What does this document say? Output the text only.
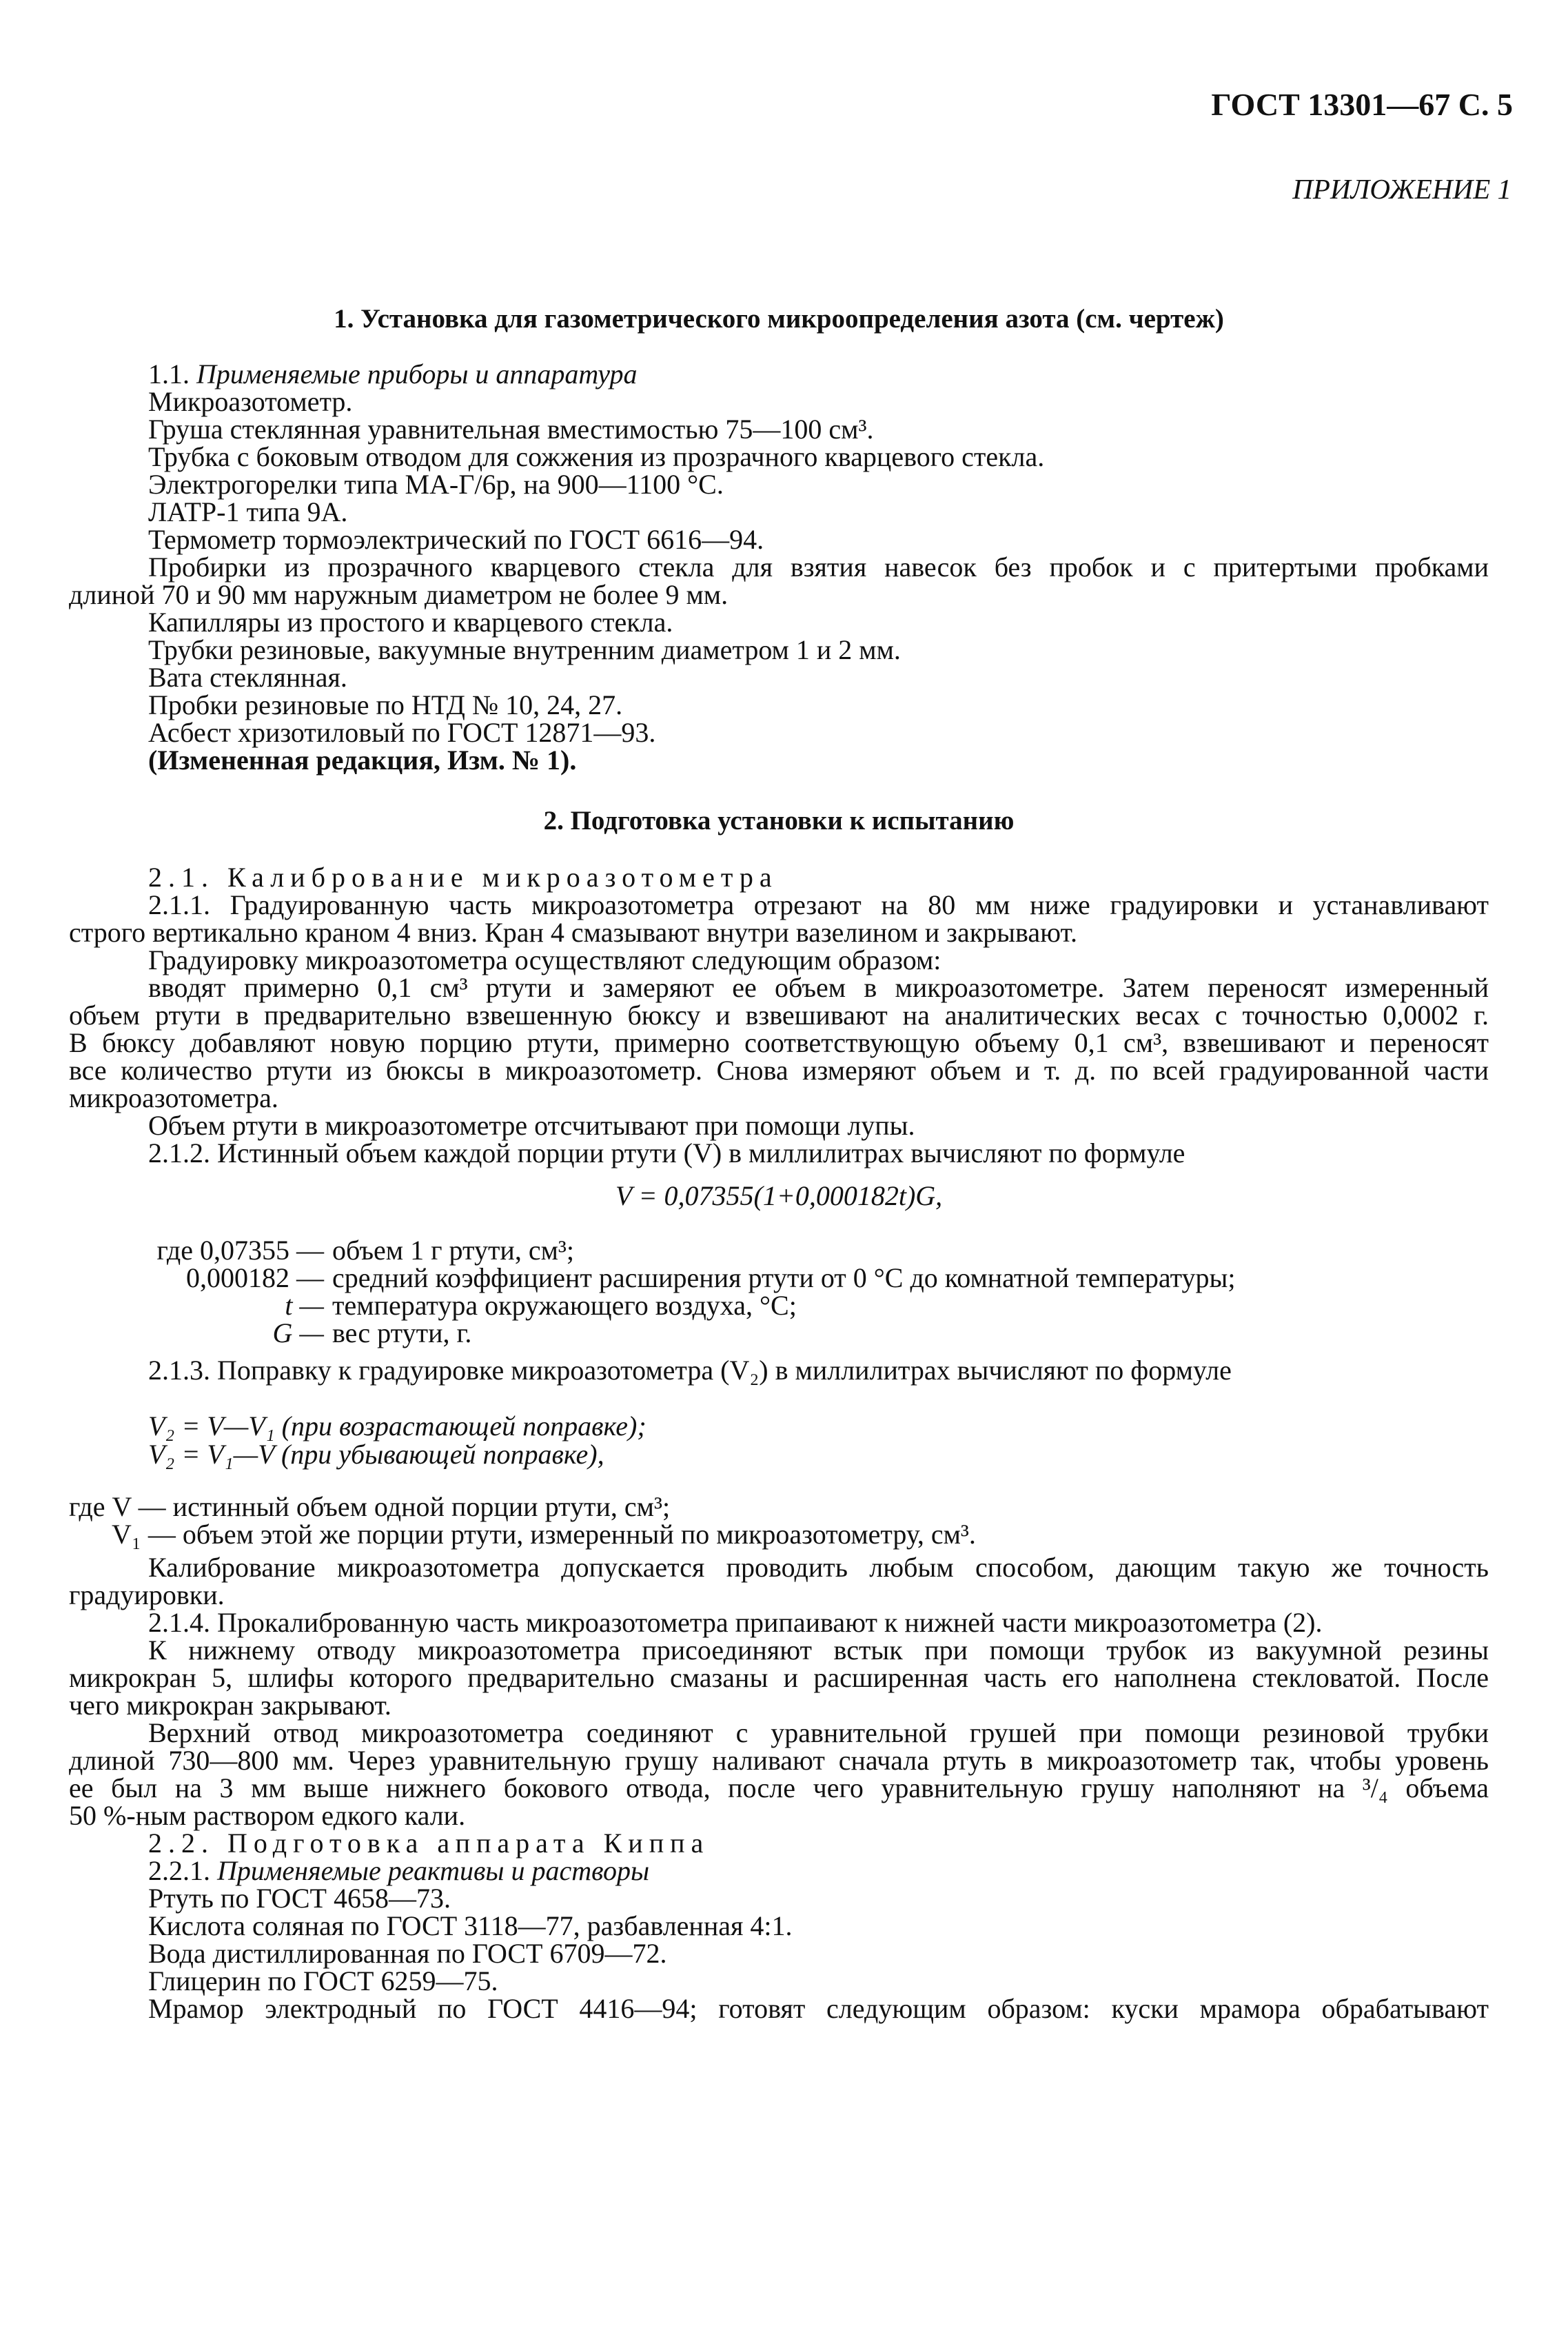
ГОСТ 13301—67 С. 5
ПРИЛОЖЕНИЕ 1
1. Установка для газометрического микроопределения азота (см. чертеж)
1.1. Применяемые приборы и аппаратура
Микроазотометр.
Груша стеклянная уравнительная вместимостью 75—100 см³.
Трубка с боковым отводом для сожжения из прозрачного кварцевого стекла.
Электрогорелки типа МА-Г/6р, на 900—1100 °С.
ЛАТР-1 типа 9А.
Термометр тормоэлектрический по ГОСТ 6616—94.
Пробирки из прозрачного кварцевого стекла для взятия навесок без пробок и с притертыми пробками
длиной 70 и 90 мм наружным диаметром не более 9 мм.
Капилляры из простого и кварцевого стекла.
Трубки резиновые, вакуумные внутренним диаметром 1 и 2 мм.
Вата стеклянная.
Пробки резиновые по НТД № 10, 24, 27.
Асбест хризотиловый по ГОСТ 12871—93.
(Измененная редакция, Изм. № 1).
2. Подготовка установки к испытанию
2.1. Калибрование микроазотометра
2.1.1. Градуированную часть микроазотометра отрезают на 80 мм ниже градуировки и устанавливают
строго вертикально краном 4 вниз. Кран 4 смазывают внутри вазелином и закрывают.
Градуировку микроазотометра осуществляют следующим образом:
вводят примерно 0,1 см³ ртути и замеряют ее объем в микроазотометре. Затем переносят измеренный
объем ртути в предварительно взвешенную бюксу и взвешивают на аналитических весах с точностью 0,0002 г.
В бюксу добавляют новую порцию ртути, примерно соответствующую объему 0,1 см³, взвешивают и переносят
все количество ртути из бюксы в микроазотометр. Снова измеряют объем и т. д. по всей градуированной части
микроазотометра.
Объем ртути в микроазотометре отсчитывают при помощи лупы.
2.1.2. Истинный объем каждой порции ртути (V) в миллилитрах вычисляют по формуле
V = 0,07355(1+0,000182t)G,
где 0,07355 — объем 1 г ртути, см³;
0,000182 — средний коэффициент расширения ртути от 0 °С до комнатной температуры;
t — температура окружающего воздуха, °С;
G — вес ртути, г.
2.1.3. Поправку к градуировке микроазотометра (V₂) в миллилитрах вычисляют по формуле
V₂ = V—V₁ (при возрастающей поправке);
V₂ = V₁—V (при убывающей поправке),
где V — истинный объем одной порции ртути, см³;
V₁ — объем этой же порции ртути, измеренный по микроазотометру, см³.
Калибрование микроазотометра допускается проводить любым способом, дающим такую же точность
градуировки.
2.1.4. Прокалиброванную часть микроазотометра припаивают к нижней части микроазотометра (2).
К нижнему отводу микроазотометра присоединяют встык при помощи трубок из вакуумной резины
микрокран 5, шлифы которого предварительно смазаны и расширенная часть его наполнена стекловатой. После
чего микрокран закрывают.
Верхний отвод микроазотометра соединяют с уравнительной грушей при помощи резиновой трубки
длиной 730—800 мм. Через уравнительную грушу наливают сначала ртуть в микроазотометр так, чтобы уровень
ее был на 3 мм выше нижнего бокового отвода, после чего уравнительную грушу наполняют на ³/₄ объема
50 %-ным раствором едкого кали.
2.2. Подготовка аппарата Киппа
2.2.1. Применяемые реактивы и растворы
Ртуть по ГОСТ 4658—73.
Кислота соляная по ГОСТ 3118—77, разбавленная 4:1.
Вода дистиллированная по ГОСТ 6709—72.
Глицерин по ГОСТ 6259—75.
Мрамор электродный по ГОСТ 4416—94; готовят следующим образом: куски мрамора обрабатывают
